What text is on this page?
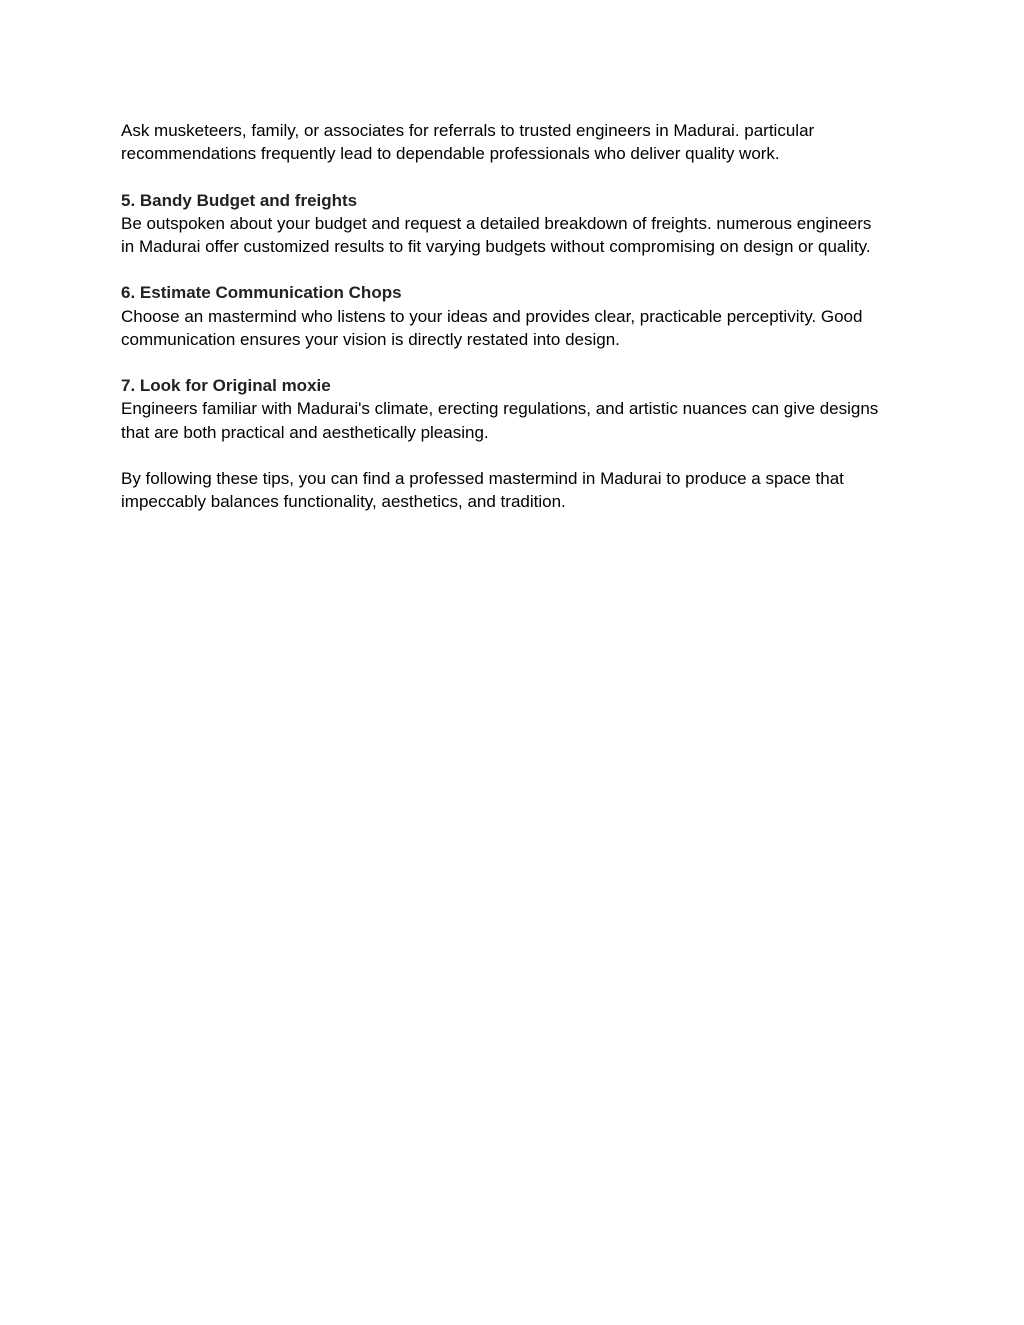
Ask musketeers, family, or associates for referrals to trusted engineers in Madurai. particular
recommendations frequently lead to dependable professionals who deliver quality work.

5. Bandy Budget and freights

Be outspoken about your budget and request a detailed breakdown of freights. numerous engineers
in Madurai offer customized results to fit varying budgets without compromising on design or quality.

6. Estimate Communication Chops

Choose an mastermind who listens to your ideas and provides clear, practicable perceptivity. Good
communication ensures your vision is directly restated into design.

7. Look for Original moxie

Engineers familiar with Madurai's climate, erecting regulations, and artistic nuances can give designs
that are both practical and aesthetically pleasing.

By following these tips, you can find a professed mastermind in Madurai to produce a space that
impeccably balances functionality, aesthetics, and tradition.
